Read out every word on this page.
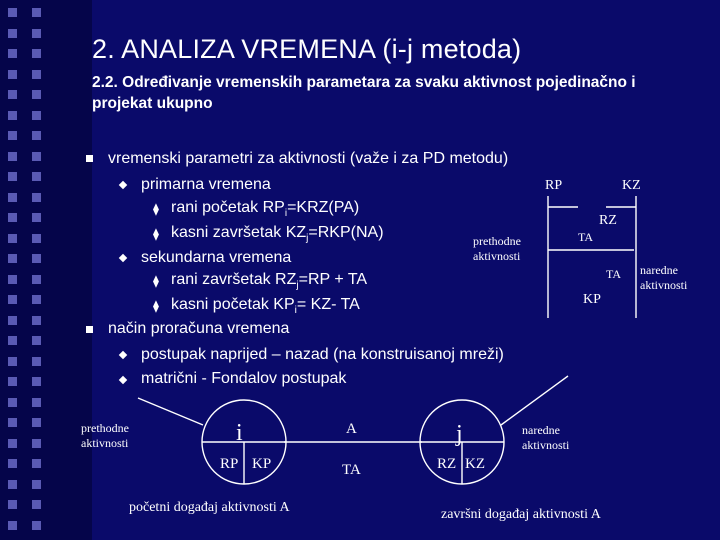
2. ANALIZA VREMENA (i-j metoda)
2.2. Određivanje vremenskih parametara za svaku aktivnost pojedinačno i projekat ukupno
vremenski parametri za aktivnosti (važe i za PD metodu)
primarna vremena
⧫ rani početak $RP_i=KRZ(PA)$
⧫ kasni završetak $KZ_j=RKP(NA)$
sekundarna vremena
⧫ rani završetak $RZ_j=RP$ + TA
⧫ kasni početak $KP_i= KZ-$ TA
način proračuna vremena
postupak naprijed – nazad (na konstruisanoj mreži)
matrični - Fondalov postupak
RP	KZ
RZ
TA
TA
KP
prethodne
aktivnosti
naredne
aktivnosti
prethodne
aktivnosti	i
RP KP
A
TA
j
RZ KZ
naredne
aktivnosti
početni događaj aktivnosti A	završni događaj aktivnosti A
